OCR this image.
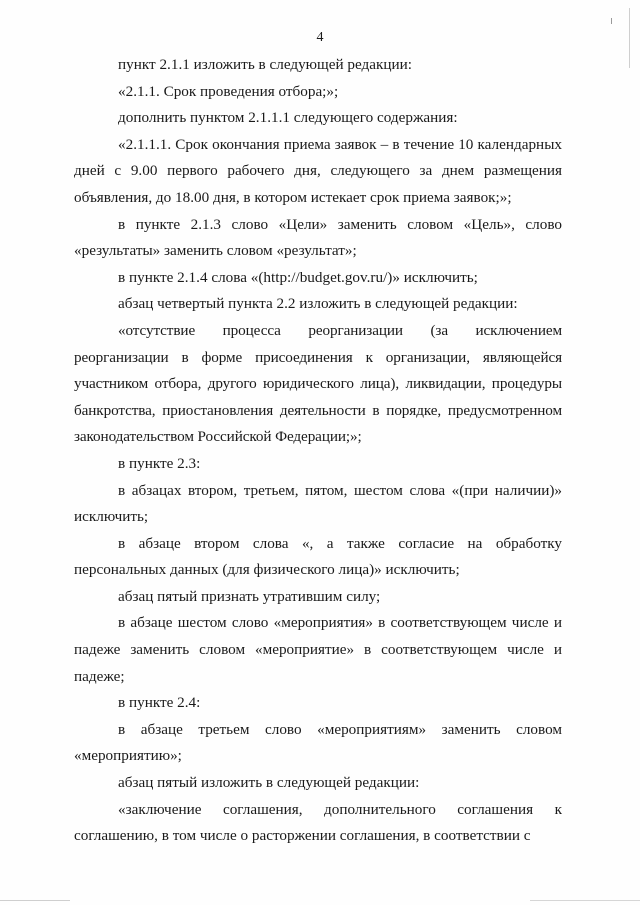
4

пункт 2.1.1 изложить в следующей редакции:

«2.1.1. Срок проведения отбора;»;

дополнить пунктом 2.1.1.1 следующего содержания:

«2.1.1.1. Срок окончания приема заявок – в течение 10 календарных дней с 9.00 первого рабочего дня, следующего за днем размещения объявления, до 18.00 дня, в котором истекает срок приема заявок;»;

в пункте 2.1.3 слово «Цели» заменить словом «Цель», слово «результаты» заменить словом «результат»;

в пункте 2.1.4 слова «(http://budget.gov.ru/)» исключить;

абзац четвертый пункта 2.2 изложить в следующей редакции:

«отсутствие процесса реорганизации (за исключением реорганизации в форме присоединения к организации, являющейся участником отбора, другого юридического лица), ликвидации, процедуры банкротства, приостановления деятельности в порядке, предусмотренном законодательством Российской Федерации;»;

в пункте 2.3:

в абзацах втором, третьем, пятом, шестом слова «(при наличии)» исключить;

в абзаце втором слова «, а также согласие на обработку персональных данных (для физического лица)» исключить;

абзац пятый признать утратившим силу;

в абзаце шестом слово «мероприятия» в соответствующем числе и падеже заменить словом «мероприятие» в соответствующем числе и падеже;

в пункте 2.4:

в абзаце третьем слово «мероприятиям» заменить словом «мероприятию»;

абзац пятый изложить в следующей редакции:

«заключение соглашения, дополнительного соглашения к соглашению, в том числе о расторжении соглашения, в соответствии с
